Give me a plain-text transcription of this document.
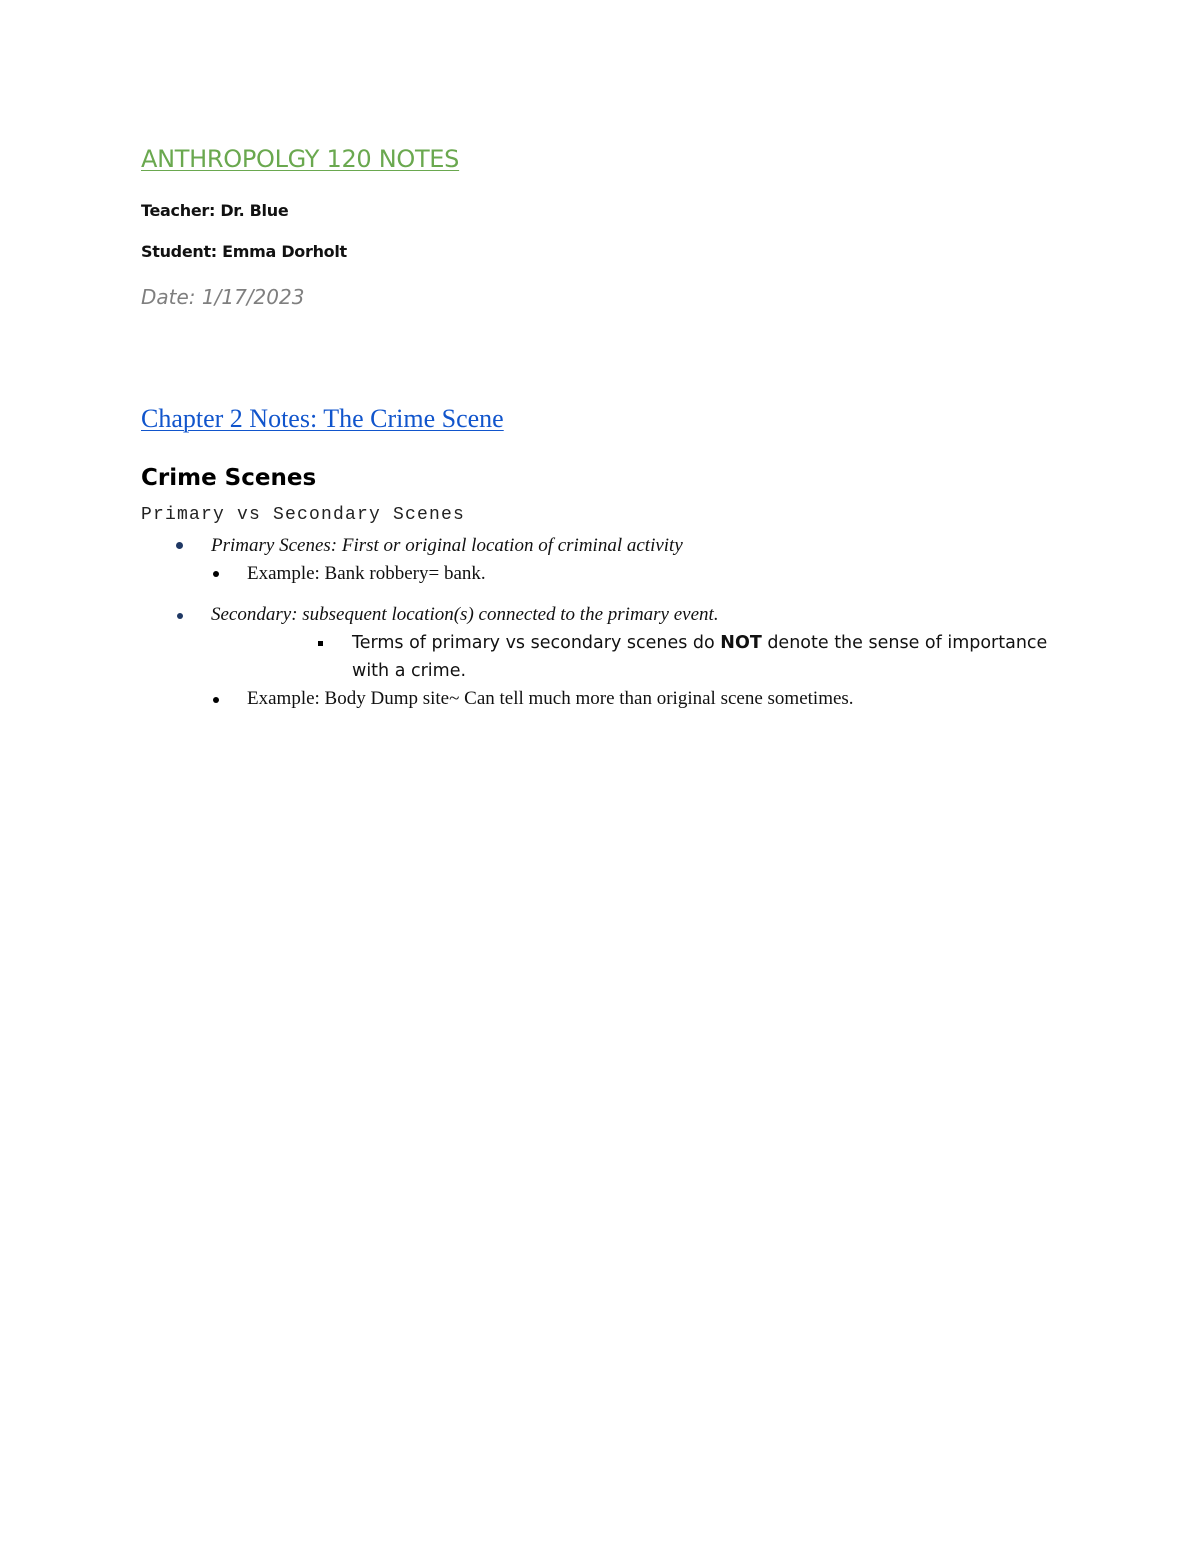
ANTHROPOLGY 120 NOTES
Teacher: Dr. Blue
Student: Emma Dorholt
Date: 1/17/2023
Chapter 2 Notes: The Crime Scene
Crime Scenes
Primary vs Secondary Scenes
Primary Scenes: First or original location of criminal activity
Example: Bank robbery= bank.
Secondary: subsequent location(s) connected to the primary event.
Terms of primary vs secondary scenes do NOT denote the sense of importance
with a crime.
Example: Body Dump site~ Can tell much more than original scene sometimes.
